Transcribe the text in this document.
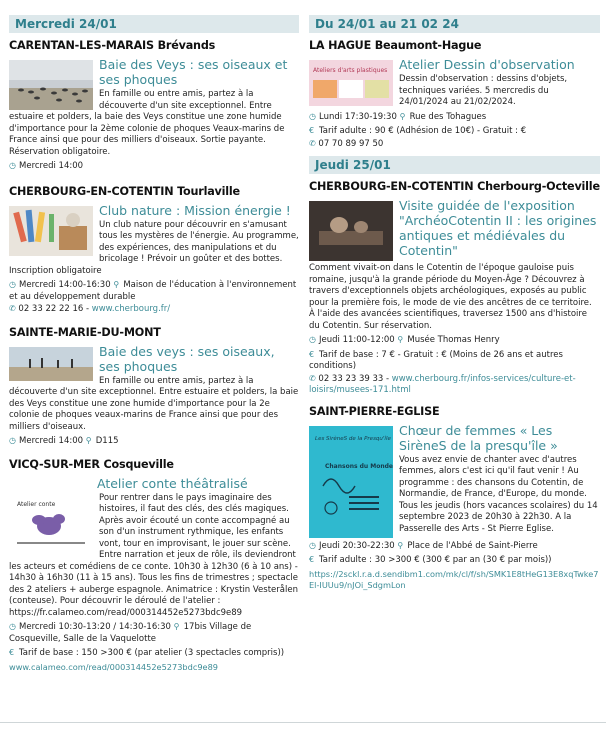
Mercredi 24/01
CARENTAN-LES-MARAIS Brévands
Baie des Veys : ses oiseaux et ses phoques
En famille ou entre amis, partez à la découverte d'un site exceptionnel. Entre estuaire et polders, la baie des Veys constitue une zone humide d'importance pour la 2ème colonie de phoques Veaux-marins de France ainsi que pour des milliers d'oiseaux. Sortie payante. Réservation obligatoire.
◷ Mercredi 14:00
CHERBOURG-EN-COTENTIN Tourlaville
Club nature : Mission énergie !
Un club nature pour découvrir en s'amusant tous les mystères de l'énergie. Au programme, des expériences, des manipulations et du bricolage ! Prévoir un goûter et des bottes. Inscription obligatoire
◷ Mercredi 14:00-16:30 ⚲ Maison de l'éducation à l'environnement et au développement durable
✆ 02 33 22 22 16 - www.cherbourg.fr/
SAINTE-MARIE-DU-MONT
Baie des veys : ses oiseaux, ses phoques
En famille ou entre amis, partez à la découverte d'un site exceptionnel. Entre estuaire et polders, la baie des Veys constitue une zone humide d'importance pour la 2e colonie de phoques veaux-marins de France ainsi que pour des milliers d'oiseaux.
◷ Mercredi 14:00 ⚲ D115
VICQ-SUR-MER Cosqueville
Atelier conte théâtralisé
Atelier conte
Pour rentrer dans le pays imaginaire des histoires, il faut des clés, des clés magiques. Après avoir écouté un conte accompagné au son d'un instrument rythmique, les enfants vont, tour en improvisant, le jouer sur scène. Entre narration et jeux de rôle, ils deviendront les acteurs et comédiens de ce conte. 10h30 à 12h30 (6 à 10 ans) - 14h30 à 16h30 (11 à 15 ans). Tous les fins de trimestres ; spectacle des 2 ateliers + auberge espagnole. Animatrice : Krystin Vesterålen (conteuse). Pour découvrir le déroulé de l'atelier : https://fr.calameo.com/read/000314452e5273bdc9e89
◷ Mercredi 10:30-13:20 / 14:30-16:30 ⚲ 17bis Village de Cosqueville, Salle de la Vaquelotte
€ Tarif de base : 150 >300 € (par atelier (3 spectacles compris))
www.calameo.com/read/000314452e5273bdc9e89
Du 24/01 au 21 02 24
LA HAGUE Beaumont-Hague
Ateliers d'arts plastiques Atelier Dessin d'observation
Dessin d'observation : dessins d'objets, techniques variées. 5 mercredis du 24/01/2024 au 21/02/2024.
◷ Lundi 17:30-19:30 ⚲ Rue des Tohagues
€ Tarif adulte : 90 € (Adhésion de 10€) - Gratuit : €
✆ 07 70 89 97 50
Jeudi 25/01
CHERBOURG-EN-COTENTIN Cherbourg-Octeville
Visite guidée de l'exposition "ArchéoCotentin II : les origines antiques et médiévales du Cotentin"
Comment vivait-on dans le Cotentin de l'époque gauloise puis romaine, jusqu'à la grande période du Moyen-Âge ? Découvrez à travers d'exceptionnels objets archéologiques, exposés au public pour la première fois, le mode de vie des ancêtres de ce territoire. À l'aide des avancées scientifiques, traversez 1500 ans d'histoire du Cotentin. Sur réservation.
◷ Jeudi 11:00-12:00 ⚲ Musée Thomas Henry
€ Tarif de base : 7 € - Gratuit : € (Moins de 26 ans et autres conditions)
✆ 02 33 23 39 33 - www.cherbourg.fr/infos-services/culture-et-loisirs/musees-171.html
SAINT-PIERRE-EGLISE
Les SirèneS de la Presqu'île
Chansons du Monde
Chœur de femmes « Les SirèneS de la presqu'île »
Vous avez envie de chanter avec d'autres femmes, alors c'est ici qu'il faut venir ! Au programme : des chansons du Cotentin, de Normandie, de France, d'Europe, du monde. Tous les jeudis (hors vacances scolaires) du 14 septembre 2023 de 20h30 à 22h30. A la Passerelle des Arts - St Pierre Eglise.
◷ Jeudi 20:30-22:30 ⚲ Place de l'Abbé de Saint-Pierre
€ Tarif adulte : 30 >300 € (300 € par an (30 € par mois))
https://2sckl.r.a.d.sendibm1.com/mk/cl/f/sh/SMK1E8tHeG13E8xqTwke7El-IUUu9/nJOi_SdgmLon
